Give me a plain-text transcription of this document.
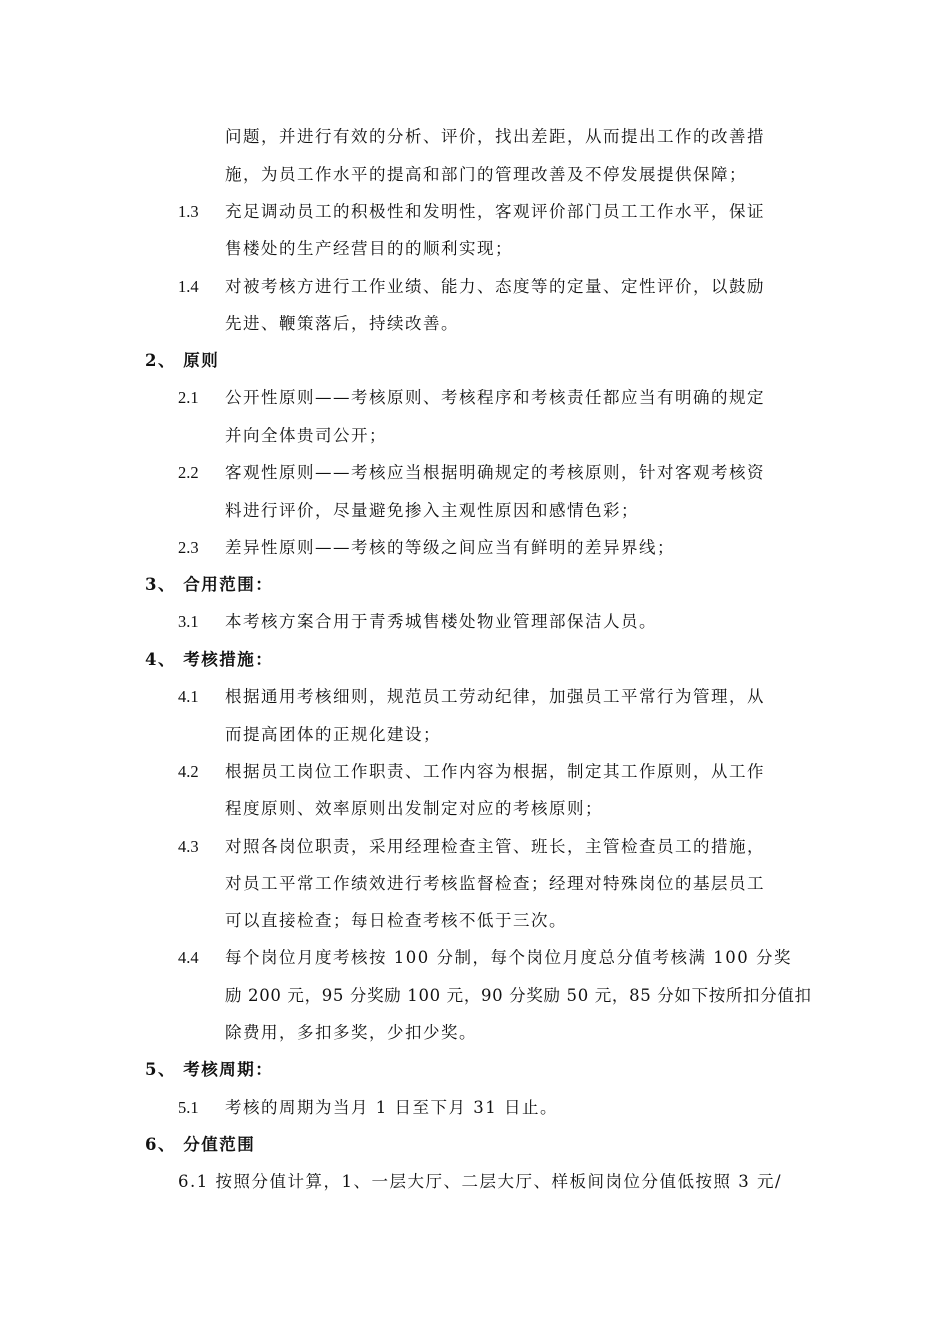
问题，并进行有效的分析、评价，找出差距，从而提出工作的改善措
施，为员工作水平的提高和部门的管理改善及不停发展提供保障；
1.3 充足调动员工的积极性和发明性，客观评价部门员工工作水平，保证
售楼处的生产经营目的的顺利实现；
1.4 对被考核方进行工作业绩、能力、态度等的定量、定性评价，以鼓励
先进、鞭策落后，持续改善。
2、 原则
2.1 公开性原则——考核原则、考核程序和考核责任都应当有明确的规定
并向全体贵司公开；
2.2 客观性原则——考核应当根据明确规定的考核原则，针对客观考核资
料进行评价，尽量避免掺入主观性原因和感情色彩；
2.3 差异性原则——考核的等级之间应当有鲜明的差异界线；
3、 合用范围：
3.1 本考核方案合用于青秀城售楼处物业管理部保洁人员。
4、 考核措施：
4.1 根据通用考核细则，规范员工劳动纪律，加强员工平常行为管理，从
而提高团体的正规化建设；
4.2 根据员工岗位工作职责、工作内容为根据，制定其工作原则，从工作
程度原则、效率原则出发制定对应的考核原则；
4.3 对照各岗位职责，采用经理检查主管、班长，主管检查员工的措施，
对员工平常工作绩效进行考核监督检查；经理对特殊岗位的基层员工
可以直接检查；每日检查考核不低于三次。
4.4 每个岗位月度考核按 100 分制，每个岗位月度总分值考核满 100 分奖
励 200 元，95 分奖励 100 元，90 分奖励 50 元，85 分如下按所扣分值扣
除费用，多扣多奖，少扣少奖。
5、 考核周期：
5.1 考核的周期为当月 1 日至下月 31 日止。
6、 分值范围
6.1 按照分值计算，1、一层大厅、二层大厅、样板间岗位分值低按照 3 元/
